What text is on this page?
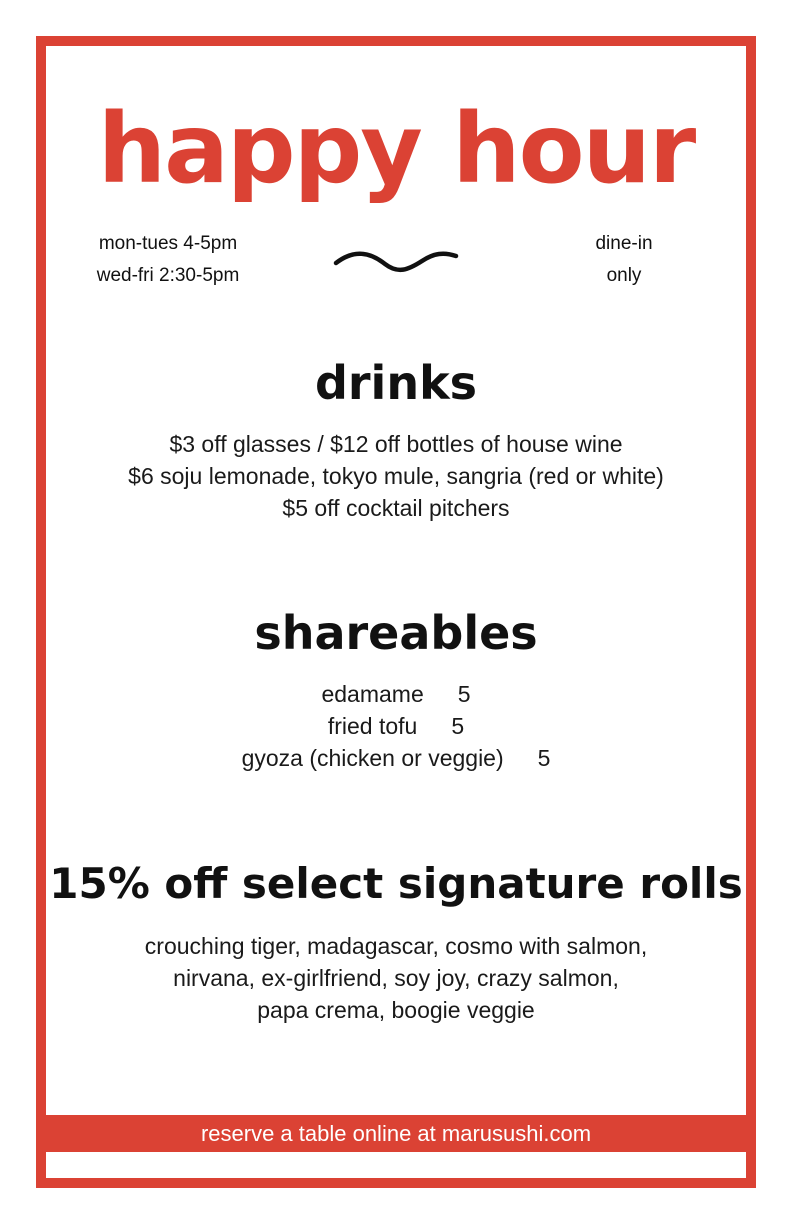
happy hour
mon-tues 4-5pm
wed-fri 2:30-5pm
dine-in
only
drinks
$3 off glasses / $12 off bottles of house wine
$6 soju lemonade, tokyo mule, sangria (red or white)
$5 off cocktail pitchers
shareables
edamame 5
fried tofu 5
gyoza (chicken or veggie) 5
15% off select signature rolls
crouching tiger, madagascar, cosmo with salmon,
nirvana, ex-girlfriend, soy joy, crazy salmon,
papa crema, boogie veggie
reserve a table online at marusushi.com
